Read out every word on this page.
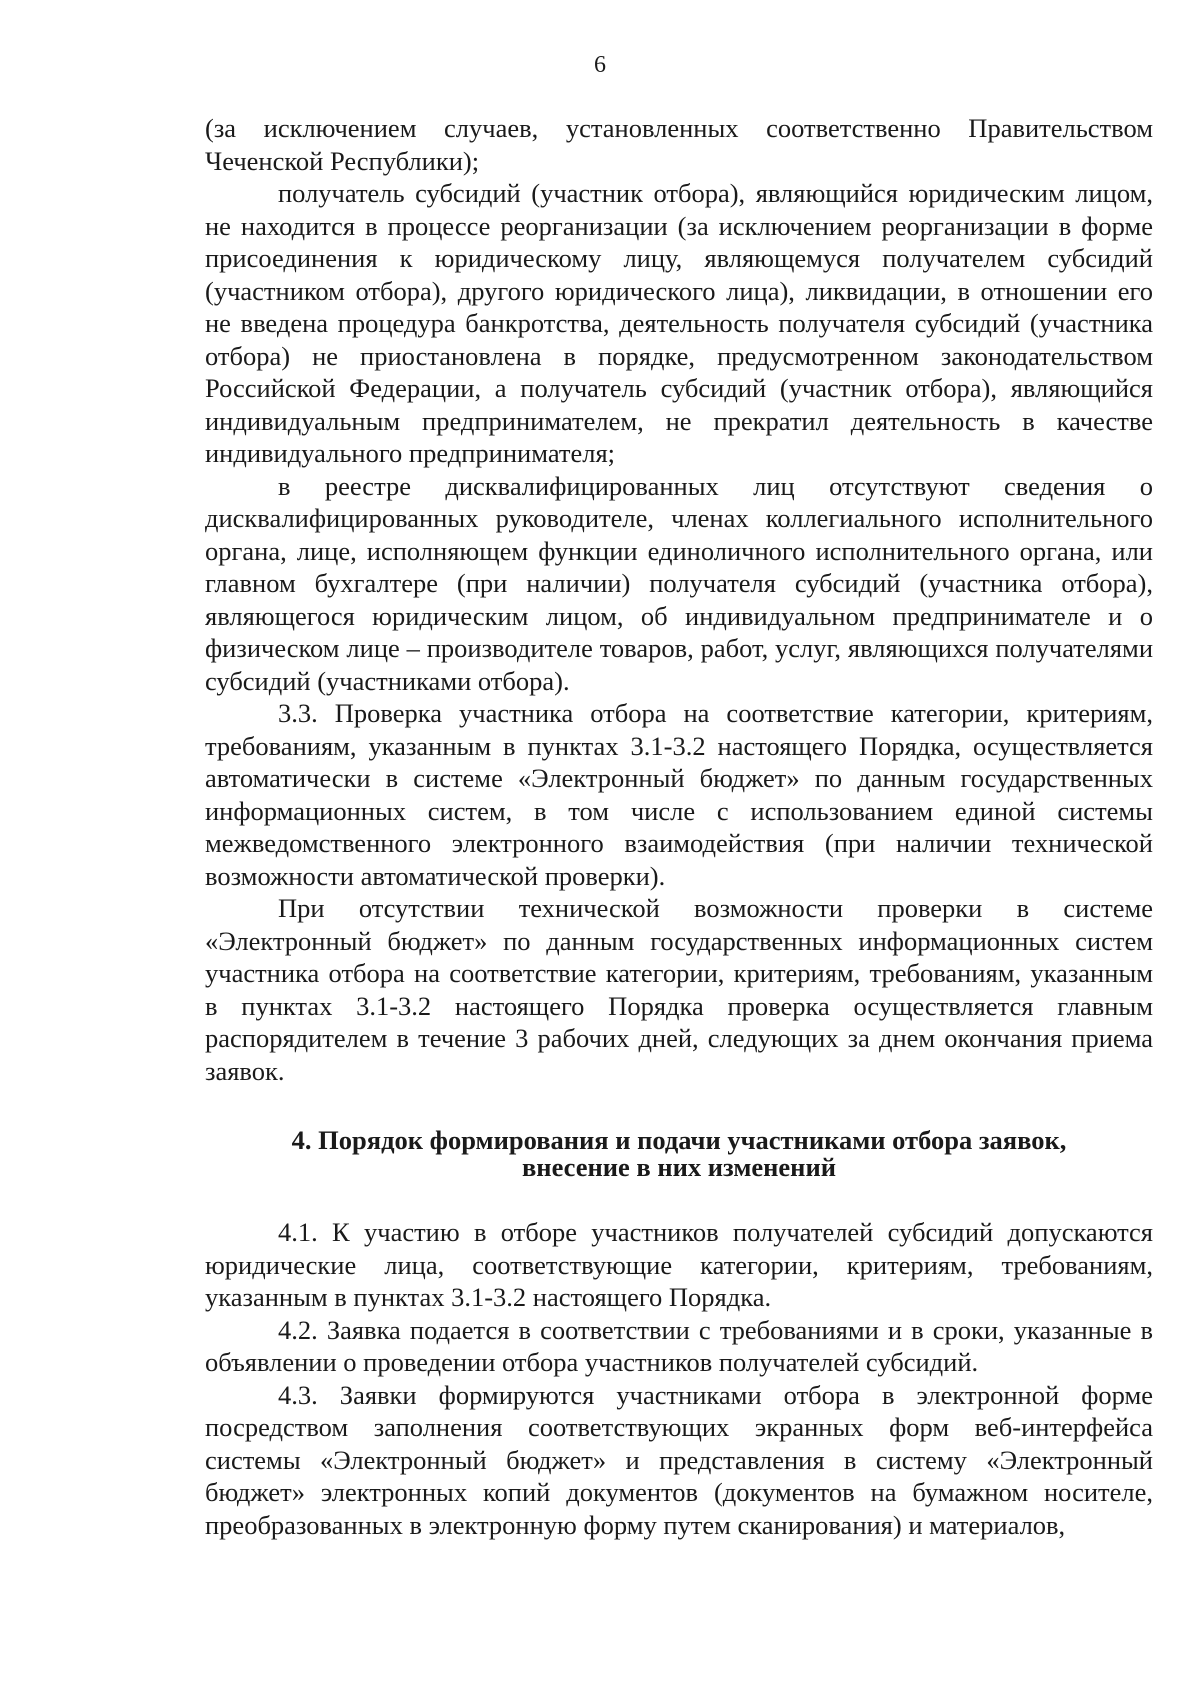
6

(за исключением случаев, установленных соответственно Правительством Чеченской Республики);

получатель субсидий (участник отбора), являющийся юридическим лицом, не находится в процессе реорганизации (за исключением реорганизации в форме присоединения к юридическому лицу, являющемуся получателем субсидий (участником отбора), другого юридического лица), ликвидации, в отношении его не введена процедура банкротства, деятельность получателя субсидий (участника отбора) не приостановлена в порядке, предусмотренном законодательством Российской Федерации, а получатель субсидий (участник отбора), являющийся индивидуальным предпринимателем, не прекратил деятельность в качестве индивидуального предпринимателя;

в реестре дисквалифицированных лиц отсутствуют сведения о дисквалифицированных руководителе, членах коллегиального исполнительного органа, лице, исполняющем функции единоличного исполнительного органа, или главном бухгалтере (при наличии) получателя субсидий (участника отбора), являющегося юридическим лицом, об индивидуальном предпринимателе и о физическом лице – производителе товаров, работ, услуг, являющихся получателями субсидий (участниками отбора).

3.3. Проверка участника отбора на соответствие категории, критериям, требованиям, указанным в пунктах 3.1-3.2 настоящего Порядка, осуществляется автоматически в системе «Электронный бюджет» по данным государственных информационных систем, в том числе с использованием единой системы межведомственного электронного взаимодействия (при наличии технической возможности автоматической проверки).

При отсутствии технической возможности проверки в системе «Электронный бюджет» по данным государственных информационных систем участника отбора на соответствие категории, критериям, требованиям, указанным в пунктах 3.1-3.2 настоящего Порядка проверка осуществляется главным распорядителем в течение 3 рабочих дней, следующих за днем окончания приема заявок.

4. Порядок формирования и подачи участниками отбора заявок,
внесение в них изменений

4.1. К участию в отборе участников получателей субсидий допускаются юридические лица, соответствующие категории, критериям, требованиям, указанным в пунктах 3.1-3.2 настоящего Порядка.

4.2. Заявка подается в соответствии с требованиями и в сроки, указанные в объявлении о проведении отбора участников получателей субсидий.

4.3. Заявки формируются участниками отбора в электронной форме посредством заполнения соответствующих экранных форм веб-интерфейса системы «Электронный бюджет» и представления в систему «Электронный бюджет» электронных копий документов (документов на бумажном носителе, преобразованных в электронную форму путем сканирования) и материалов,
